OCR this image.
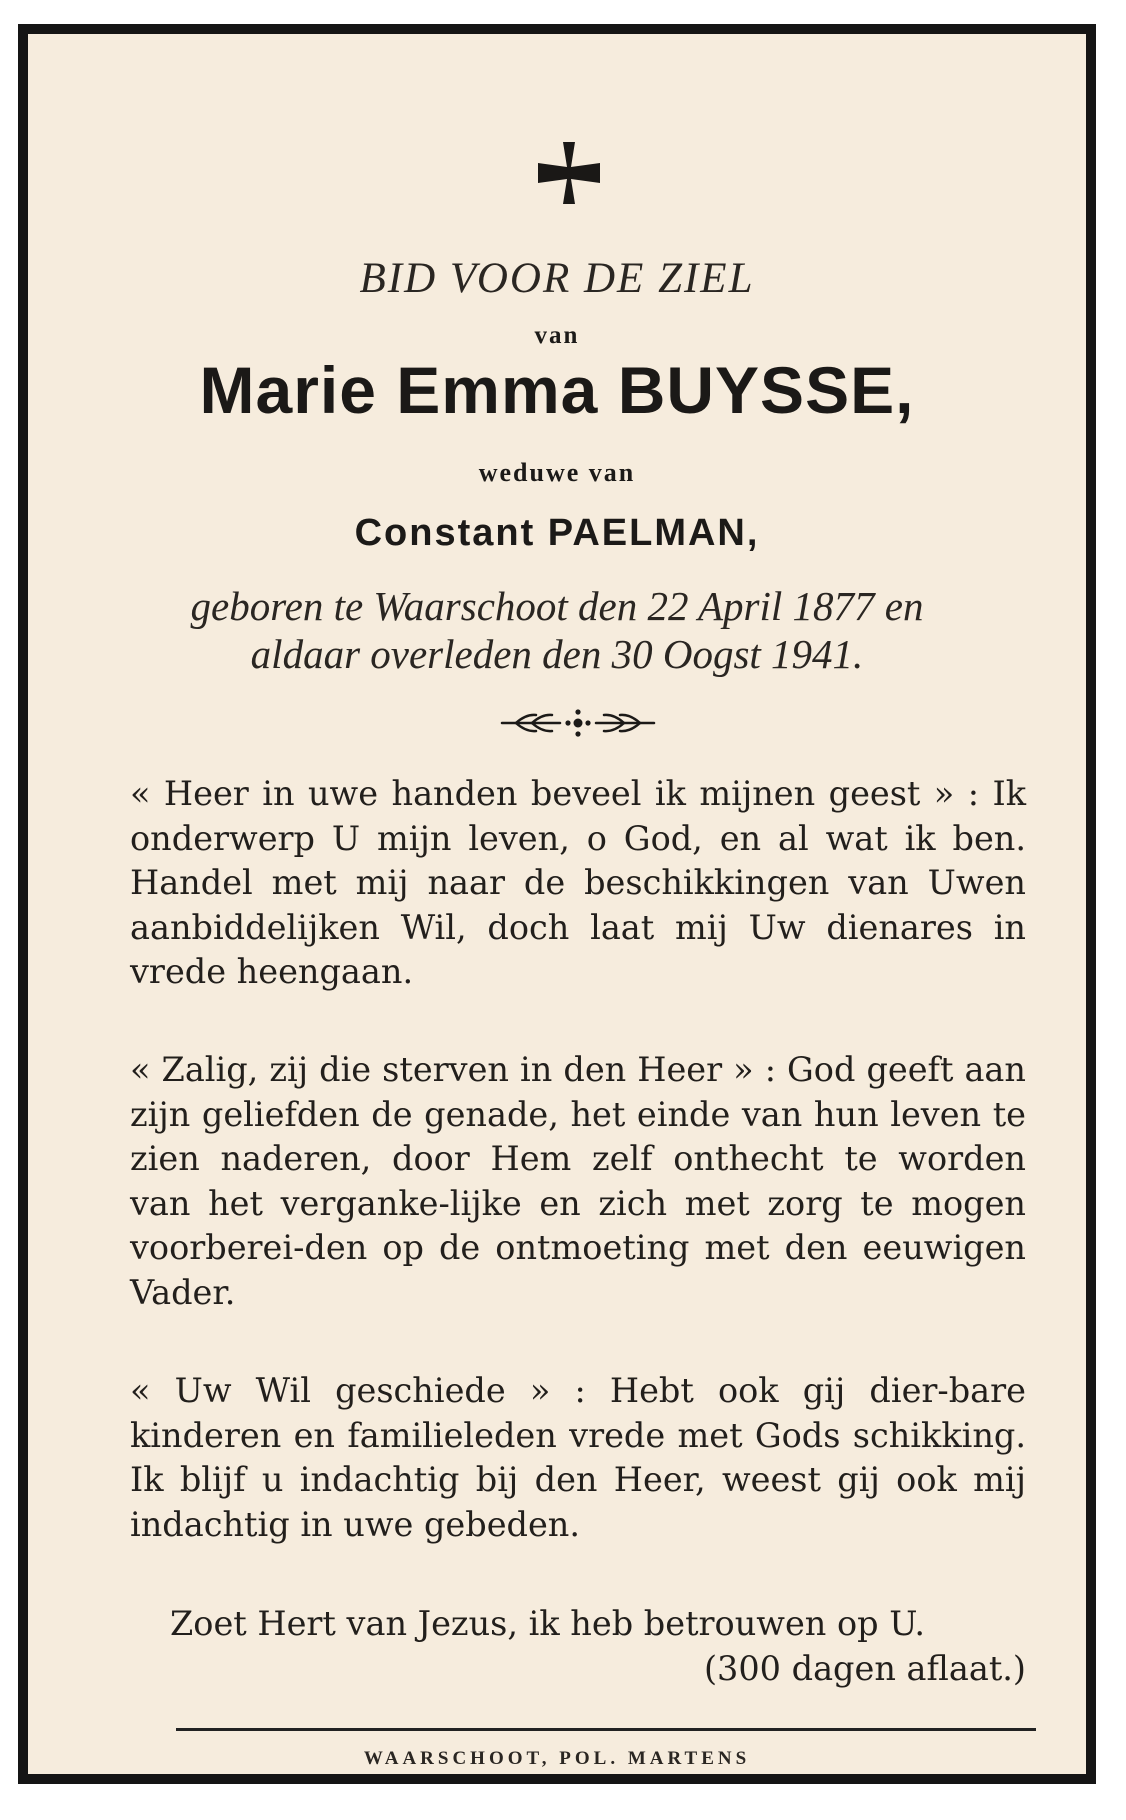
BID VOOR DE ZIEL
van
Marie Emma BUYSSE,
weduwe van
Constant PAELMAN,
geboren te Waarschoot den 22 April 1877 en
aldaar overleden den 30 Oogst 1941.

« Heer in uwe handen beveel ik mijnen geest » : Ik onderwerp U mijn leven, o God, en al wat ik ben. Handel met mij naar de beschikkingen van Uwen aanbiddelijken Wil, doch laat mij Uw dienares in vrede heengaan.

« Zalig, zij die sterven in den Heer » : God geeft aan zijn geliefden de genade, het einde van hun leven te zien naderen, door Hem zelf onthecht te worden van het verganke-lijke en zich met zorg te mogen voorberei-den op de ontmoeting met den eeuwigen Vader.

« Uw Wil geschiede » : Hebt ook gij dier-bare kinderen en familieleden vrede met Gods schikking. Ik blijf u indachtig bij den Heer, weest gij ook mij indachtig in uwe gebeden.

Zoet Hert van Jezus, ik heb betrouwen op U.
(300 dagen aflaat.)
WAARSCHOOT, POL. MARTENS
